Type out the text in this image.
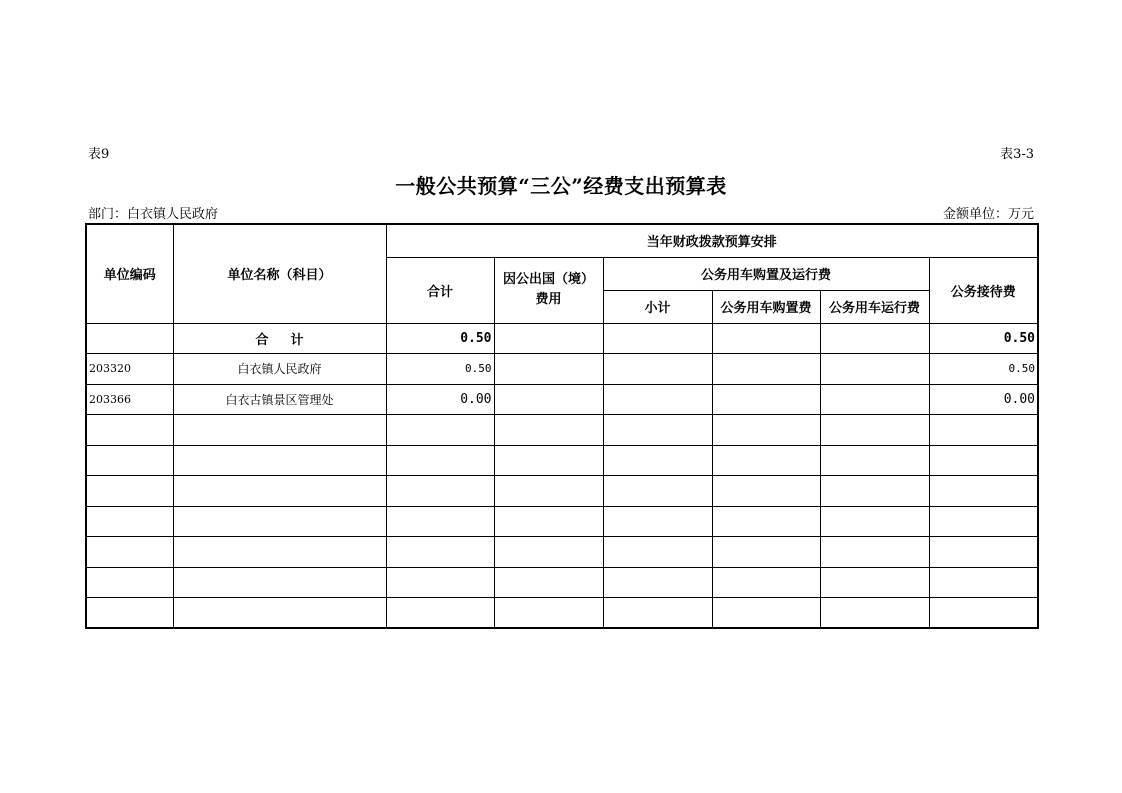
表9	表3-3
一般公共预算“三公”经费支出预算表
部门：白衣镇人民政府	金额单位：万元
单位编码	单位名称（科目）	当年财政拨款预算安排					
		合计	因公出国（境）费用	公务用车购置及运行费			公务接待费
				小计	公务用车购置费	公务用车运行费	
	合计	0.50					0.50
203320	白衣镇人民政府	0.50					0.50
203366	白衣古镇景区管理处	0.00					0.00
